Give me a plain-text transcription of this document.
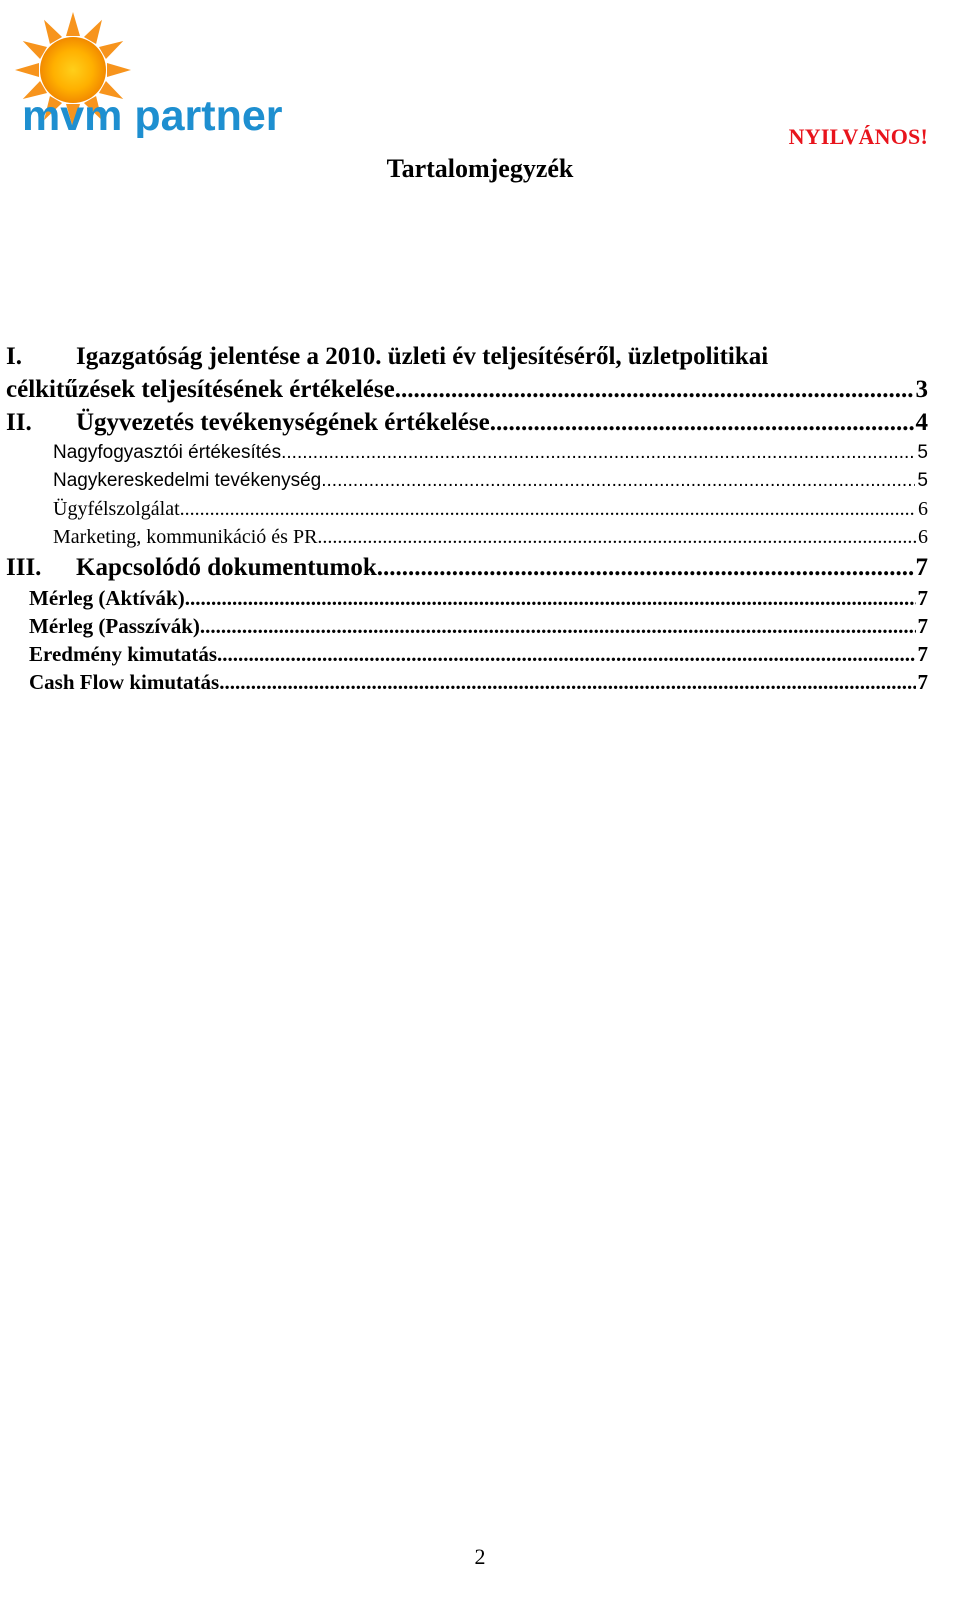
mvm partner	NYILVÁNOS!
Tartalomjegyzék
I.	Igazgatóság jelentése a 2010. üzleti év teljesítéséről, üzletpolitikai
célkitűzések teljesítésének értékelése .....	3
II.	Ügyvezetés tevékenységének értékelése .....	4
Nagyfogyasztói értékesítés .....	5
Nagykereskedelmi tevékenység .....	5
Ügyfélszolgálat .....	6
Marketing, kommunikáció és PR .....	6
III.	Kapcsolódó dokumentumok .....	7
Mérleg (Aktívák) .....	7
Mérleg (Passzívák) .....	7
Eredmény kimutatás .....	7
Cash Flow kimutatás .....	7
2
